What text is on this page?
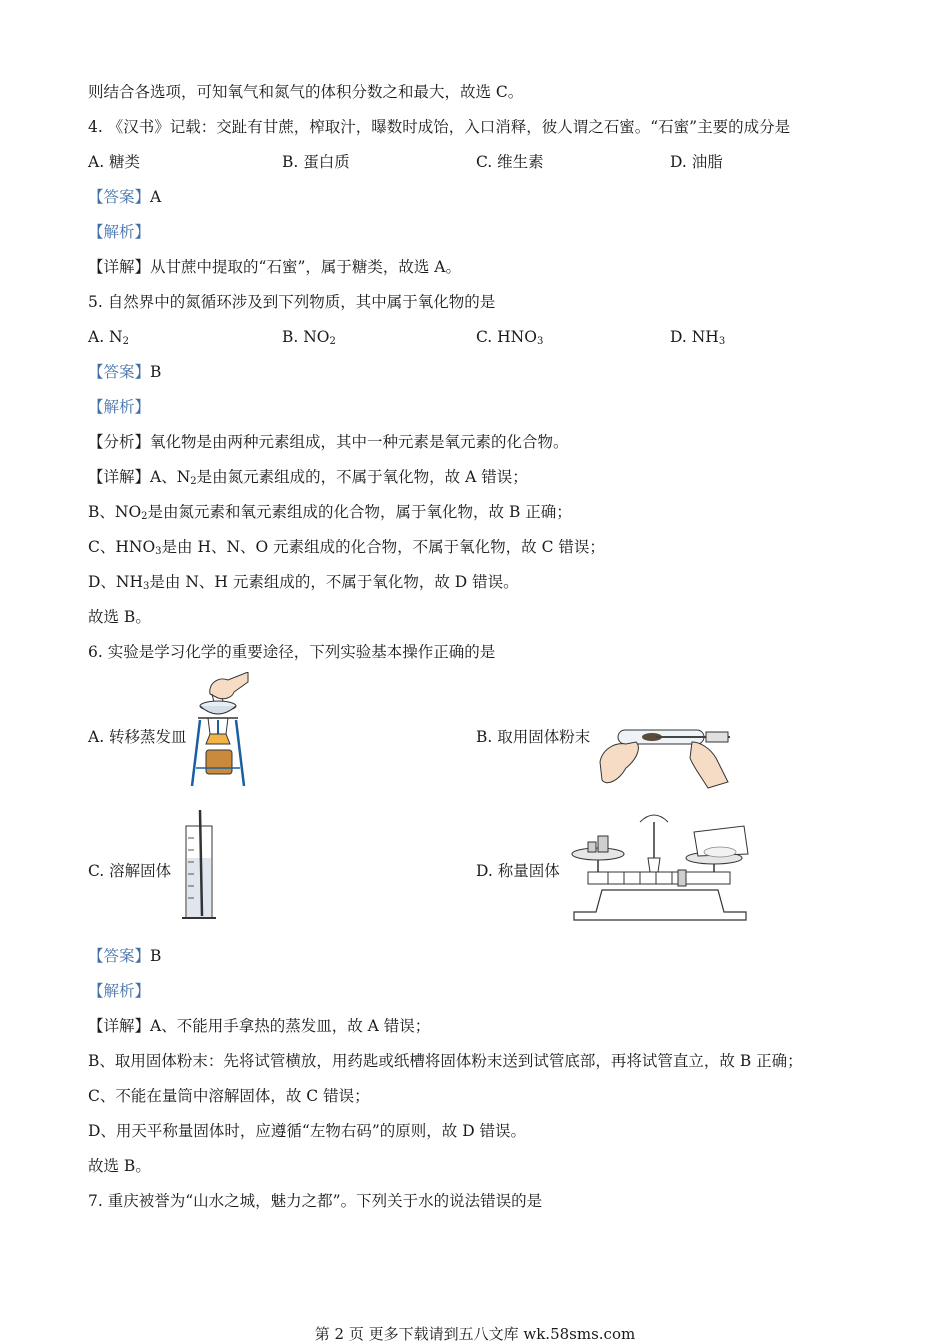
则结合各选项，可知氧气和氮气的体积分数之和最大，故选 C。
4. 《汉书》记载：交趾有甘蔗，榨取汁，曝数时成饴，入口消释，彼人谓之石蜜。“石蜜”主要的成分是
A. 糖类	B. 蛋白质	C. 维生素	D. 油脂
【答案】A
【解析】
【详解】从甘蔗中提取的“石蜜”，属于糖类，故选 A。
5. 自然界中的氮循环涉及到下列物质，其中属于氧化物的是
A. $N_2$	B. $NO_2$	C. $HNO_3$	D. $NH_3$
【答案】B
【解析】
【分析】氧化物是由两种元素组成，其中一种元素是氧元素的化合物。
【详解】A、$N_2$是由氮元素组成的，不属于氧化物，故 A 错误；
B、$NO_2$是由氮元素和氧元素组成的化合物，属于氧化物，故 B 正确；
C、$HNO_3$是由 H、N、O 元素组成的化合物，不属于氧化物，故 C 错误；
D、$NH_3$是由 N、H 元素组成的，不属于氧化物，故 D 错误。
故选 B。
6. 实验是学习化学的重要途径，下列实验基本操作正确的是
A. 转移蒸发皿	B. 取用固体粉末
C. 溶解固体	D. 称量固体
【答案】B
【解析】
【详解】A、不能用手拿热的蒸发皿，故 A 错误；
B、取用固体粉末：先将试管横放，用药匙或纸槽将固体粉末送到试管底部，再将试管直立，故 B 正确；
C、不能在量筒中溶解固体，故 C 错误；
D、用天平称量固体时，应遵循“左物右码”的原则，故 D 错误。
故选 B。
7. 重庆被誉为“山水之城，魅力之都”。下列关于水的说法错误的是
第 2 页 更多下载请到五八文库 wk.58sms.com
